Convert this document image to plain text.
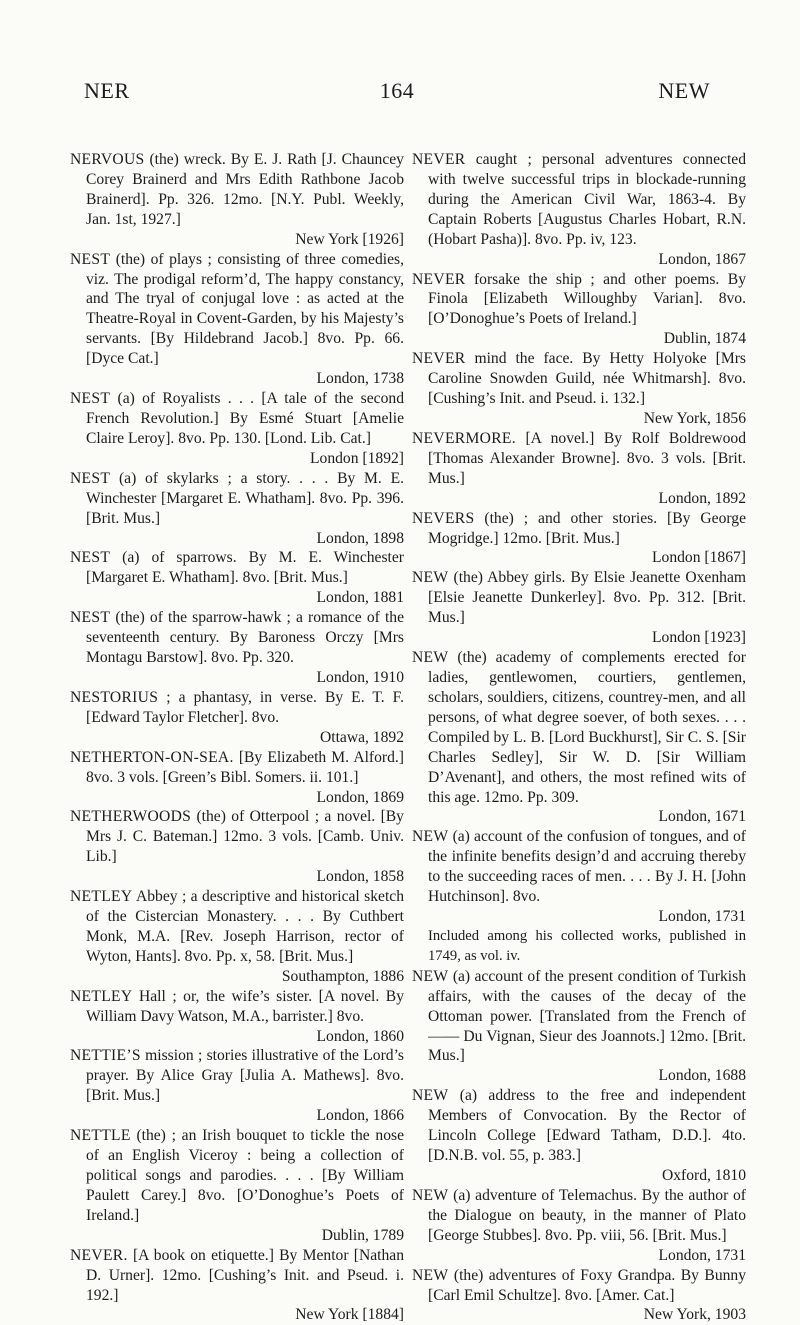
NER	164	NEW

NERVOUS (the) wreck. By E. J. Rath [J. Chauncey Corey Brainerd and Mrs Edith Rathbone Jacob Brainerd]. Pp. 326. 12mo. [N.Y. Publ. Weekly, Jan. 1st, 1927.]
New York [1926]

NEST (the) of plays ; consisting of three comedies, viz. The prodigal reform’d, The happy constancy, and The tryal of conjugal love : as acted at the Theatre-Royal in Covent-Garden, by his Majesty’s servants. [By Hildebrand Jacob.] 8vo. Pp. 66. [Dyce Cat.]
London, 1738

NEST (a) of Royalists . . . [A tale of the second French Revolution.] By Esmé Stuart [Amelie Claire Leroy]. 8vo. Pp. 130. [Lond. Lib. Cat.]
London [1892]

NEST (a) of skylarks ; a story. . . . By M. E. Winchester [Margaret E. Whatham]. 8vo. Pp. 396. [Brit. Mus.]
London, 1898

NEST (a) of sparrows. By M. E. Winchester [Margaret E. Whatham]. 8vo. [Brit. Mus.]
London, 1881

NEST (the) of the sparrow-hawk ; a romance of the seventeenth century. By Baroness Orczy [Mrs Montagu Barstow]. 8vo. Pp. 320.
London, 1910

NESTORIUS ; a phantasy, in verse. By E. T. F. [Edward Taylor Fletcher]. 8vo.
Ottawa, 1892

NETHERTON-ON-SEA. [By Elizabeth M. Alford.] 8vo. 3 vols. [Green’s Bibl. Somers. ii. 101.]
London, 1869

NETHERWOODS (the) of Otterpool ; a novel. [By Mrs J. C. Bateman.] 12mo. 3 vols. [Camb. Univ. Lib.]
London, 1858

NETLEY Abbey ; a descriptive and historical sketch of the Cistercian Monastery. . . . By Cuthbert Monk, M.A. [Rev. Joseph Harrison, rector of Wyton, Hants]. 8vo. Pp. x, 58. [Brit. Mus.]
Southampton, 1886

NETLEY Hall ; or, the wife’s sister. [A novel. By William Davy Watson, M.A., barrister.] 8vo.
London, 1860

NETTIE’S mission ; stories illustrative of the Lord’s prayer. By Alice Gray [Julia A. Mathews]. 8vo. [Brit. Mus.]
London, 1866

NETTLE (the) ; an Irish bouquet to tickle the nose of an English Viceroy : being a collection of political songs and parodies. . . . [By William Paulett Carey.] 8vo. [O’Donoghue’s Poets of Ireland.]
Dublin, 1789

NEVER. [A book on etiquette.] By Mentor [Nathan D. Urner]. 12mo. [Cushing’s Init. and Pseud. i. 192.]
New York [1884]

NEVER caught ; personal adventures connected with twelve successful trips in blockade-running during the American Civil War, 1863-4. By Captain Roberts [Augustus Charles Hobart, R.N. (Hobart Pasha)]. 8vo. Pp. iv, 123.
London, 1867

NEVER forsake the ship ; and other poems. By Finola [Elizabeth Willoughby Varian]. 8vo. [O’Donoghue’s Poets of Ireland.]
Dublin, 1874

NEVER mind the face. By Hetty Holyoke [Mrs Caroline Snowden Guild, née Whitmarsh]. 8vo. [Cushing’s Init. and Pseud. i. 132.]
New York, 1856

NEVERMORE. [A novel.] By Rolf Boldrewood [Thomas Alexander Browne]. 8vo. 3 vols. [Brit. Mus.]
London, 1892

NEVERS (the) ; and other stories. [By George Mogridge.] 12mo. [Brit. Mus.]
London [1867]

NEW (the) Abbey girls. By Elsie Jeanette Oxenham [Elsie Jeanette Dunkerley]. 8vo. Pp. 312. [Brit. Mus.]
London [1923]

NEW (the) academy of complements erected for ladies, gentlewomen, courtiers, gentlemen, scholars, souldiers, citizens, countrey-men, and all persons, of what degree soever, of both sexes. . . . Compiled by L. B. [Lord Buckhurst], Sir C. S. [Sir Charles Sedley], Sir W. D. [Sir William D’Avenant], and others, the most refined wits of this age. 12mo. Pp. 309.
London, 1671

NEW (a) account of the confusion of tongues, and of the infinite benefits design’d and accruing thereby to the succeeding races of men. . . . By J. H. [John Hutchinson]. 8vo.
London, 1731
Included among his collected works, published in 1749, as vol. iv.

NEW (a) account of the present condition of Turkish affairs, with the causes of the decay of the Ottoman power. [Translated from the French of —— Du Vignan, Sieur des Joannots.] 12mo. [Brit. Mus.]
London, 1688

NEW (a) address to the free and independent Members of Convocation. By the Rector of Lincoln College [Edward Tatham, D.D.]. 4to. [D.N.B. vol. 55, p. 383.]
Oxford, 1810

NEW (a) adventure of Telemachus. By the author of the Dialogue on beauty, in the manner of Plato [George Stubbes]. 8vo. Pp. viii, 56. [Brit. Mus.]
London, 1731

NEW (the) adventures of Foxy Grandpa. By Bunny [Carl Emil Schultze]. 8vo. [Amer. Cat.]
New York, 1903
